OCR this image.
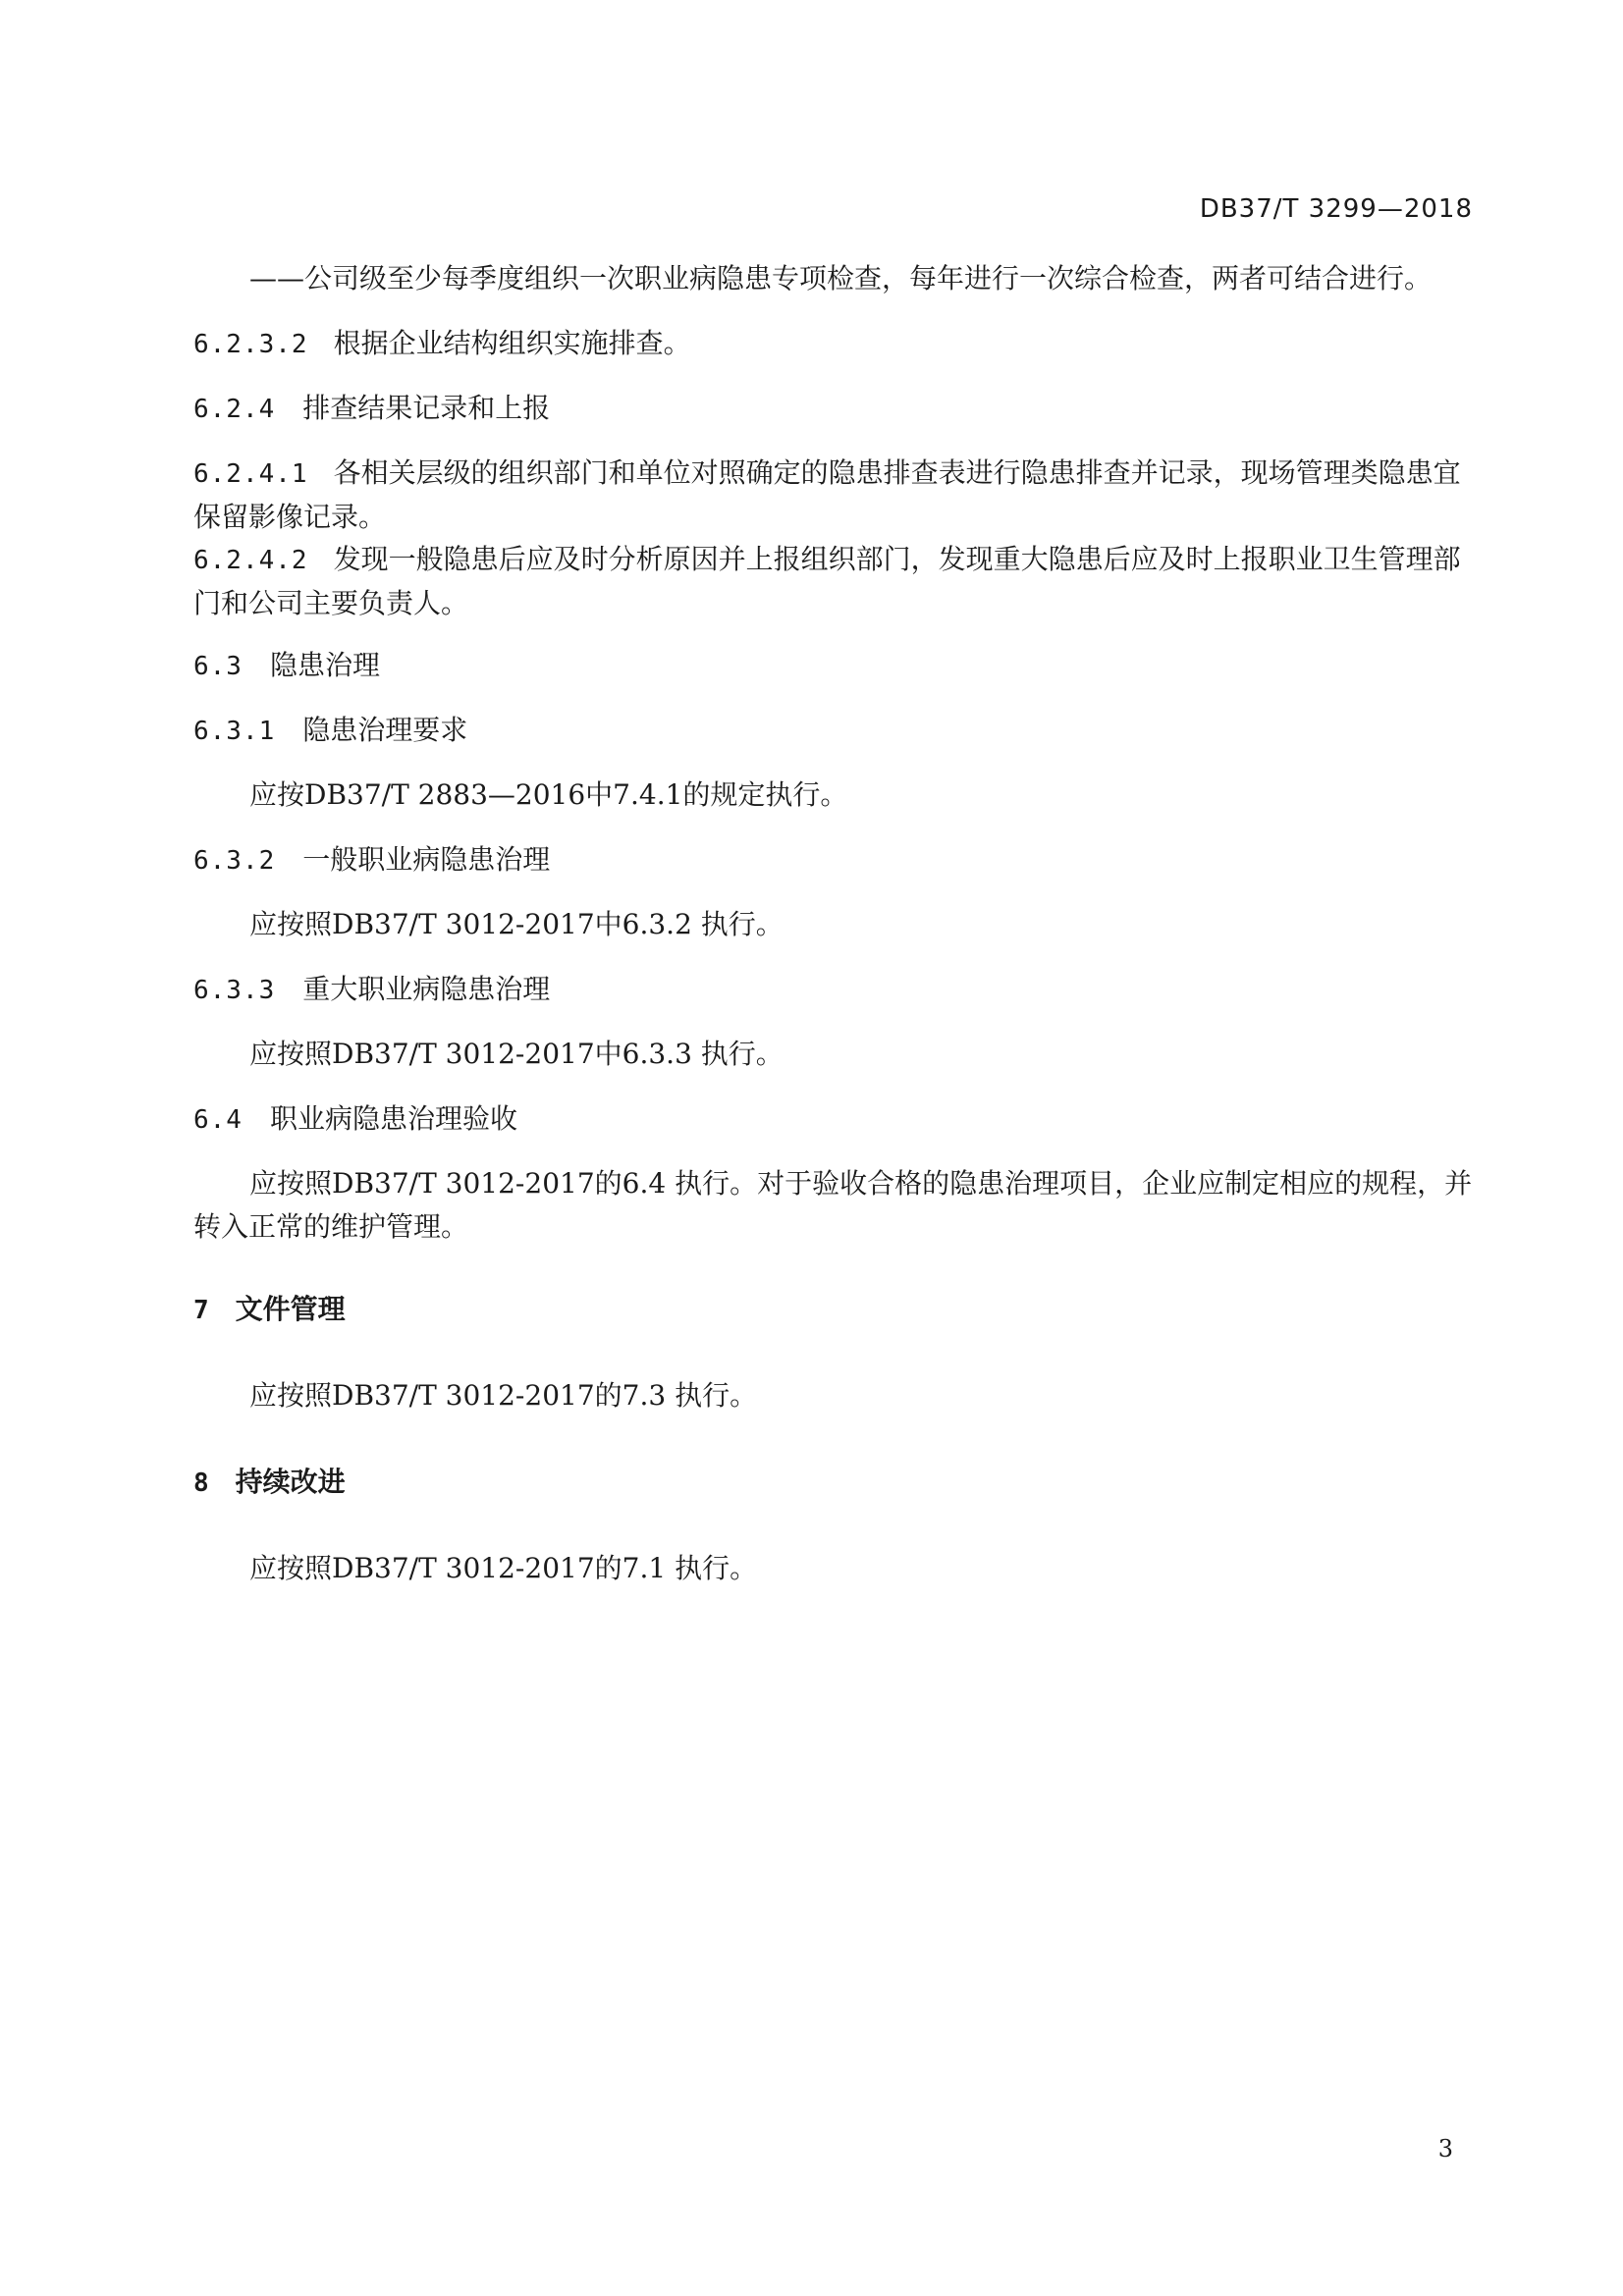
DB37/T 3299—2018
——公司级至少每季度组织一次职业病隐患专项检查，每年进行一次综合检查，两者可结合进行。
6.2.3.2 根据企业结构组织实施排查。
6.2.4 排查结果记录和上报
6.2.4.1 各相关层级的组织部门和单位对照确定的隐患排查表进行隐患排查并记录，现场管理类隐患宜保留影像记录。
6.2.4.2 发现一般隐患后应及时分析原因并上报组织部门，发现重大隐患后应及时上报职业卫生管理部门和公司主要负责人。
6.3 隐患治理
6.3.1 隐患治理要求
应按DB37/T 2883—2016中7.4.1的规定执行。
6.3.2 一般职业病隐患治理
应按照DB37/T 3012-2017中6.3.2 执行。
6.3.3 重大职业病隐患治理
应按照DB37/T 3012-2017中6.3.3 执行。
6.4 职业病隐患治理验收
应按照DB37/T 3012-2017的6.4 执行。对于验收合格的隐患治理项目，企业应制定相应的规程，并转入正常的维护管理。
7 文件管理
应按照DB37/T 3012-2017的7.3 执行。
8 持续改进
应按照DB37/T 3012-2017的7.1 执行。
3
